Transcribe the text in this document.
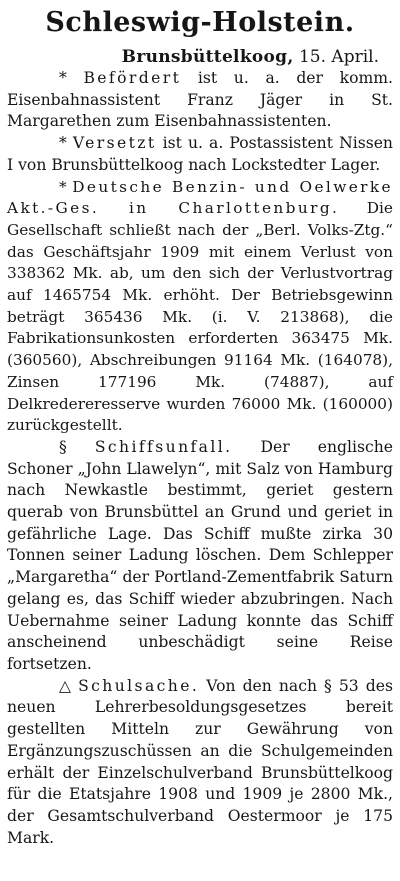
Schleswig-Holstein.
Brunsbüttelkoog, 15. April.

* Befördert ist u. a. der komm. Eisenbahnassistent Franz Jäger in St. Margarethen zum Eisenbahnassistenten.

* Versetzt ist u. a. Postassistent Nissen I von Brunsbüttelkoog nach Lockstedter Lager.

* Deutsche Benzin- und Oelwerke Akt.-Ges. in Charlottenburg. Die Gesellschaft schließt nach der „Berl. Volks-Ztg.“ das Geschäftsjahr 1909 mit einem Verlust von 338362 Mk. ab, um den sich der Verlustvortrag auf 1465754 Mk. erhöht. Der Betriebsgewinn beträgt 365436 Mk. (i. V. 213868), die Fabrikationsunkosten erforderten 363475 Mk. (360560), Abschreibungen 91164 Mk. (164078), Zinsen 177196 Mk. (74887), auf Delkredereresserve wurden 76000 Mk. (160000) zurückgestellt.

§ Schiffsunfall. Der englische Schoner „John Llawelyn“, mit Salz von Hamburg nach Newkastle bestimmt, geriet gestern querab von Brunsbüttel an Grund und geriet in gefährliche Lage. Das Schiff mußte zirka 30 Tonnen seiner Ladung löschen. Dem Schlepper „Margaretha“ der Portland-Zementfabrik Saturn gelang es, das Schiff wieder abzubringen. Nach Uebernahme seiner Ladung konnte das Schiff anscheinend unbeschädigt seine Reise fortsetzen.

△ Schulsache. Von den nach § 53 des neuen Lehrerbesoldungsgesetzes bereit gestellten Mitteln zur Gewährung von Ergänzungszuschüssen an die Schulgemeinden erhält der Einzelschulverband Brunsbüttelkoog für die Etatsjahre 1908 und 1909 je 2800 Mk., der Gesamtschulverband Oestermoor je 175 Mark.
